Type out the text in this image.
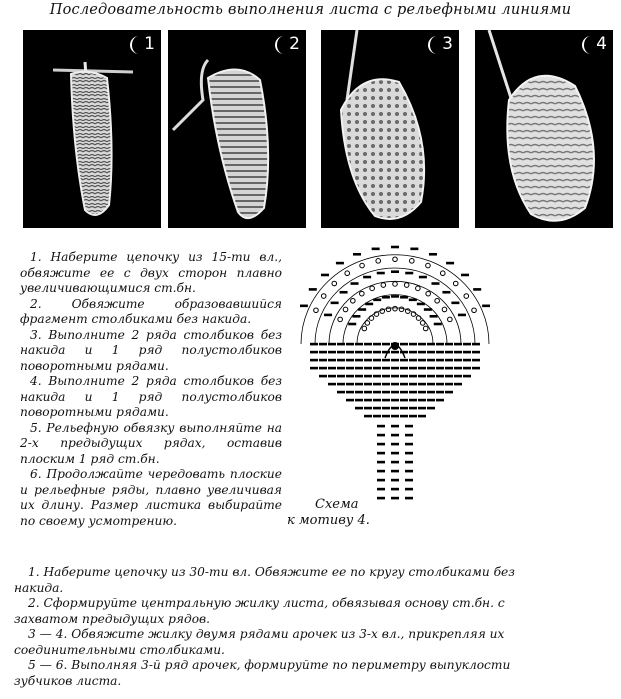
Последовательность выполнения листа с рельефными линиями
1	2	3	4

1. Наберите цепочку из 15-ти вл., обвяжите ее с двух сторон плавно увеличивающимися ст.бн.

2. Обвяжите образовавшийся фрагмент столбиками без накида.

3. Выполните 2 ряда столбиков без накида и 1 ряд полустолбиков поворотными рядами.

4. Выполните 2 ряда столбиков без накида и 1 ряд полустолбиков поворотными рядами.

5. Рельефную обвязку выполняйте на 2-х предыдущих рядах, оставив плоским 1 ряд ст.бн.

6. Продолжайте чередовать плоские и рельефные ряды, плавно увеличивая их длину. Размер листика выбирайте по своему усмотрению.

Схема
к мотиву 4.

1. Наберите цепочку из 30-ти вл. Обвяжите ее по кругу столбиками без накида.

2. Сформируйте центральную жилку листа, обвязывая основу ст.бн. с захватом предыдущих рядов.

3 — 4. Обвяжите жилку двумя рядами арочек из 3-х вл., прикрепляя их соединительными столбиками.

5 — 6. Выполняя 3-й ряд арочек, формируйте по периметру выпуклости зубчиков листа.
